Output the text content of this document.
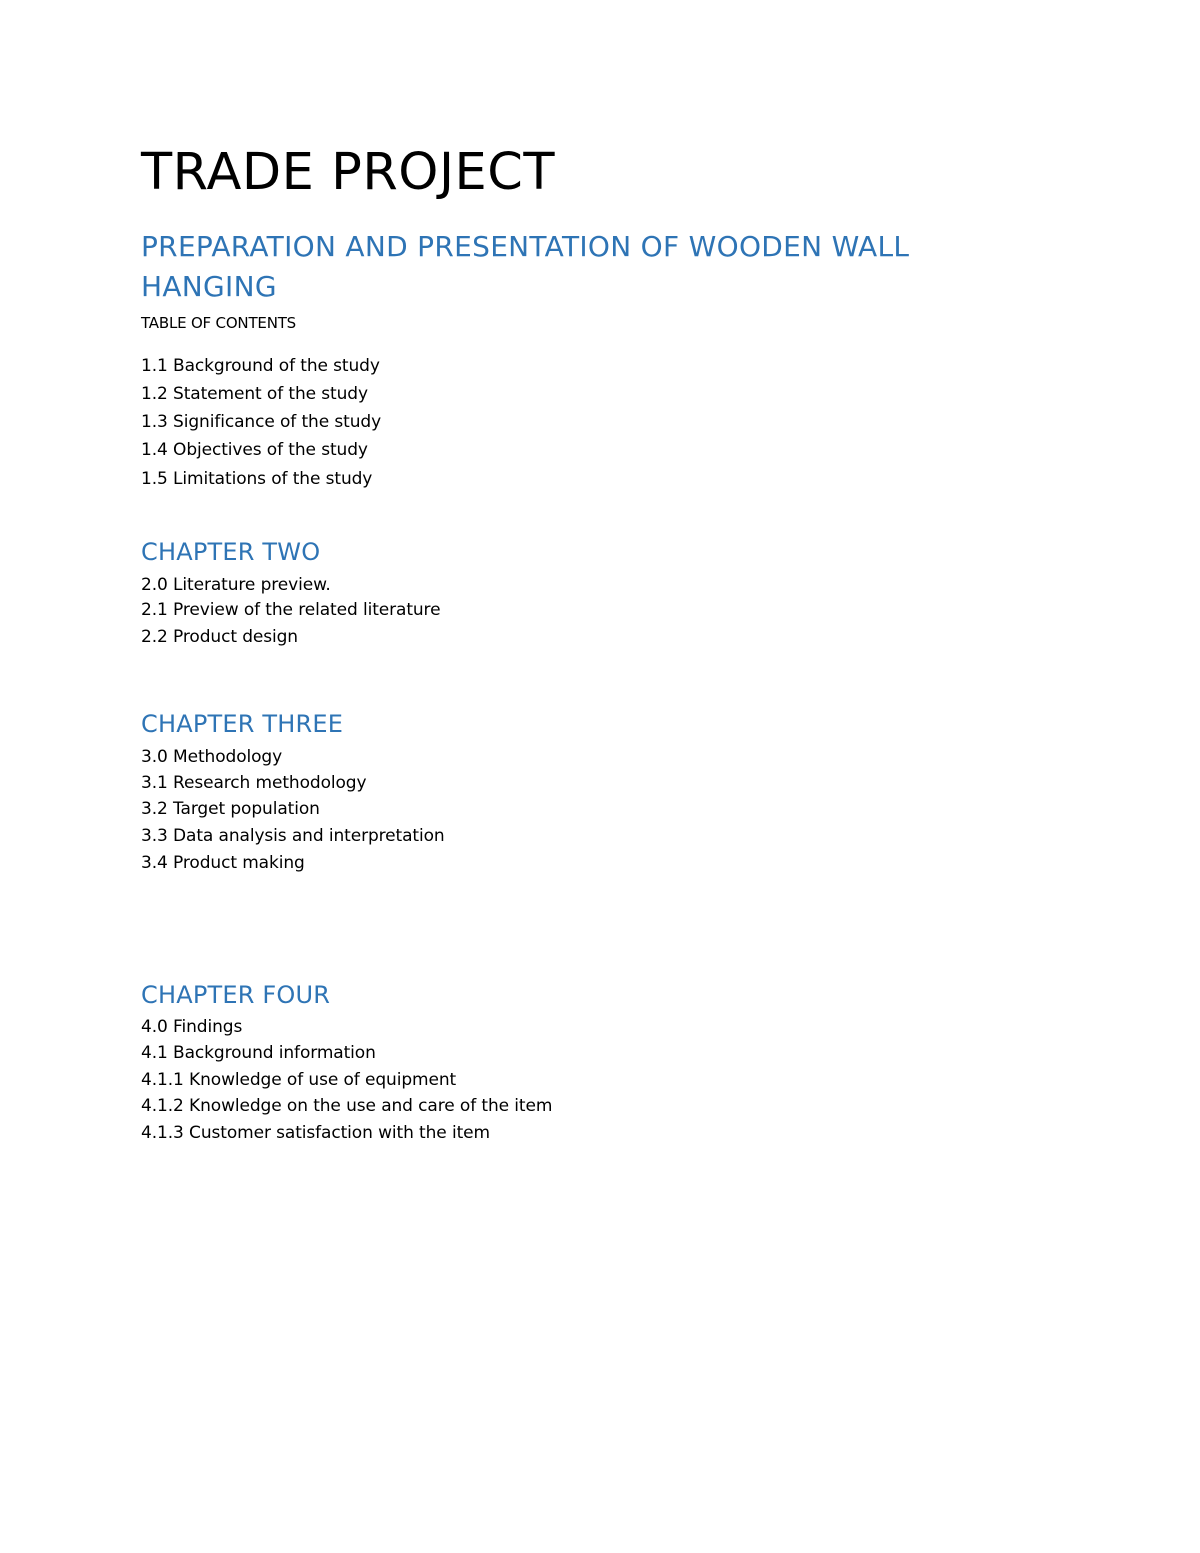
TRADE PROJECT
PREPARATION AND PRESENTATION OF WOODEN WALL HANGING
TABLE OF CONTENTS
1.1 Background of the study
1.2 Statement of the study
1.3 Significance of the study
1.4 Objectives of the study
1.5 Limitations of the study
CHAPTER TWO
2.0 Literature preview.
2.1 Preview of the related literature
2.2 Product design
CHAPTER THREE
3.0 Methodology
3.1 Research methodology
3.2 Target population
3.3 Data analysis and interpretation
3.4 Product making
CHAPTER FOUR
4.0 Findings
4.1 Background information
4.1.1 Knowledge of use of equipment
4.1.2 Knowledge on the use and care of the item
4.1.3 Customer satisfaction with the item
